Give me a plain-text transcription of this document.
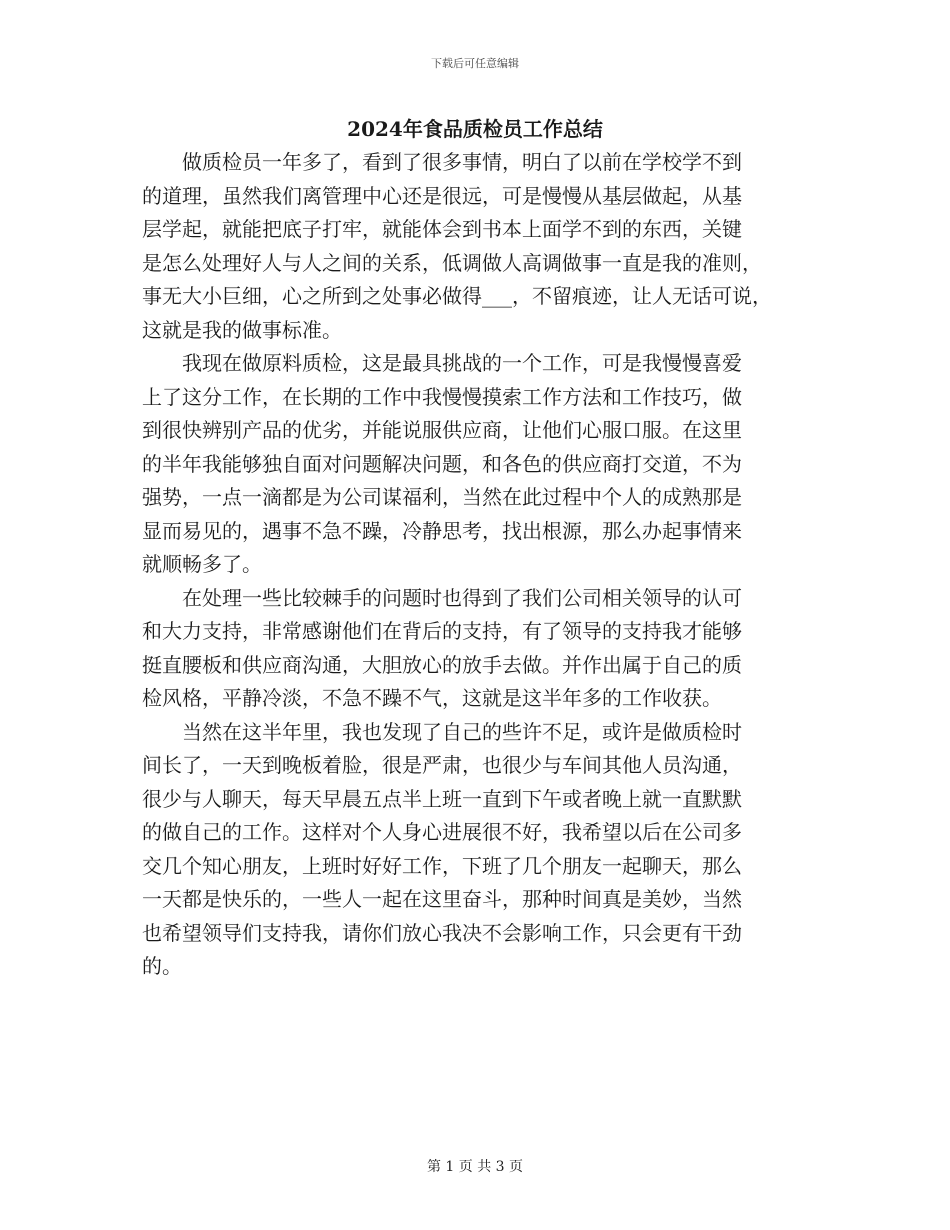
下载后可任意编辑
2024年食品质检员工作总结

做质检员一年多了，看到了很多事情，明白了以前在学校学不到
的道理，虽然我们离管理中心还是很远，可是慢慢从基层做起，从基
层学起，就能把底子打牢，就能体会到书本上面学不到的东西，关键
是怎么处理好人与人之间的关系，低调做人高调做事一直是我的准则，
事无大小巨细，心之所到之处事必做得___，不留痕迹，让人无话可说，
这就是我的做事标准。

我现在做原料质检，这是最具挑战的一个工作，可是我慢慢喜爱
上了这分工作，在长期的工作中我慢慢摸索工作方法和工作技巧，做
到很快辨别产品的优劣，并能说服供应商，让他们心服口服。在这里
的半年我能够独自面对问题解决问题，和各色的供应商打交道，不为
强势，一点一滴都是为公司谋福利，当然在此过程中个人的成熟那是
显而易见的，遇事不急不躁，冷静思考，找出根源，那么办起事情来
就顺畅多了。

在处理一些比较棘手的问题时也得到了我们公司相关领导的认可
和大力支持，非常感谢他们在背后的支持，有了领导的支持我才能够
挺直腰板和供应商沟通，大胆放心的放手去做。并作出属于自己的质
检风格，平静冷淡，不急不躁不气，这就是这半年多的工作收获。

当然在这半年里，我也发现了自己的些许不足，或许是做质检时
间长了，一天到晚板着脸，很是严肃，也很少与车间其他人员沟通，
很少与人聊天，每天早晨五点半上班一直到下午或者晚上就一直默默
的做自己的工作。这样对个人身心进展很不好，我希望以后在公司多
交几个知心朋友，上班时好好工作，下班了几个朋友一起聊天，那么
一天都是快乐的，一些人一起在这里奋斗，那种时间真是美妙，当然
也希望领导们支持我，请你们放心我决不会影响工作，只会更有干劲
的。

第 1 页 共 3 页
